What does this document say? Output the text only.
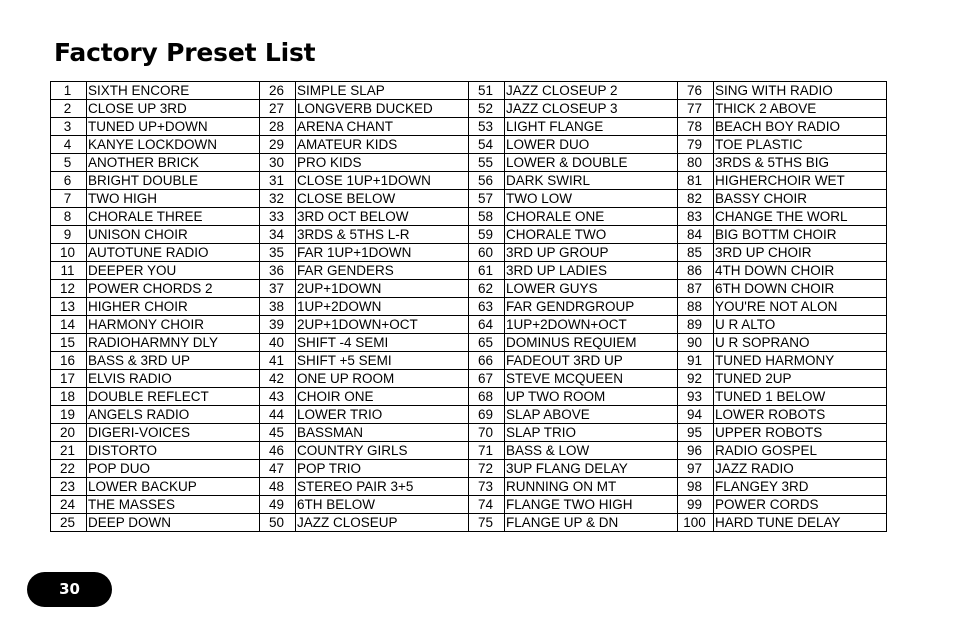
Factory Preset List
1	SIXTH ENCORE	26	SIMPLE SLAP	51	JAZZ CLOSEUP 2	76	SING WITH RADIO
2	CLOSE UP 3RD	27	LONGVERB DUCKED	52	JAZZ CLOSEUP 3	77	THICK 2 ABOVE
3	TUNED UP+DOWN	28	ARENA CHANT	53	LIGHT FLANGE	78	BEACH BOY RADIO
4	KANYE LOCKDOWN	29	AMATEUR KIDS	54	LOWER DUO	79	TOE PLASTIC
5	ANOTHER BRICK	30	PRO KIDS	55	LOWER & DOUBLE	80	3RDS & 5THS BIG
6	BRIGHT DOUBLE	31	CLOSE 1UP+1DOWN	56	DARK SWIRL	81	HIGHERCHOIR WET
7	TWO HIGH	32	CLOSE BELOW	57	TWO LOW	82	BASSY CHOIR
8	CHORALE THREE	33	3RD OCT BELOW	58	CHORALE ONE	83	CHANGE THE WORL
9	UNISON CHOIR	34	3RDS & 5THS L-R	59	CHORALE TWO	84	BIG BOTTM CHOIR
10	AUTOTUNE RADIO	35	FAR 1UP+1DOWN	60	3RD UP GROUP	85	3RD UP CHOIR
11	DEEPER YOU	36	FAR GENDERS	61	3RD UP LADIES	86	4TH DOWN CHOIR
12	POWER CHORDS 2	37	2UP+1DOWN	62	LOWER GUYS	87	6TH DOWN CHOIR
13	HIGHER CHOIR	38	1UP+2DOWN	63	FAR GENDRGROUP	88	YOU'RE NOT ALON
14	HARMONY CHOIR	39	2UP+1DOWN+OCT	64	1UP+2DOWN+OCT	89	U R ALTO
15	RADIOHARMNY DLY	40	SHIFT -4 SEMI	65	DOMINUS REQUIEM	90	U R SOPRANO
16	BASS & 3RD UP	41	SHIFT +5 SEMI	66	FADEOUT 3RD UP	91	TUNED HARMONY
17	ELVIS RADIO	42	ONE UP ROOM	67	STEVE MCQUEEN	92	TUNED 2UP
18	DOUBLE REFLECT	43	CHOIR ONE	68	UP TWO ROOM	93	TUNED 1 BELOW
19	ANGELS RADIO	44	LOWER TRIO	69	SLAP ABOVE	94	LOWER ROBOTS
20	DIGERI-VOICES	45	BASSMAN	70	SLAP TRIO	95	UPPER ROBOTS
21	DISTORTO	46	COUNTRY GIRLS	71	BASS & LOW	96	RADIO GOSPEL
22	POP DUO	47	POP TRIO	72	3UP FLANG DELAY	97	JAZZ RADIO
23	LOWER BACKUP	48	STEREO PAIR 3+5	73	RUNNING ON MT	98	FLANGEY 3RD
24	THE MASSES	49	6TH BELOW	74	FLANGE TWO HIGH	99	POWER CORDS
25	DEEP DOWN	50	JAZZ CLOSEUP	75	FLANGE UP & DN	100	HARD TUNE DELAY
30
